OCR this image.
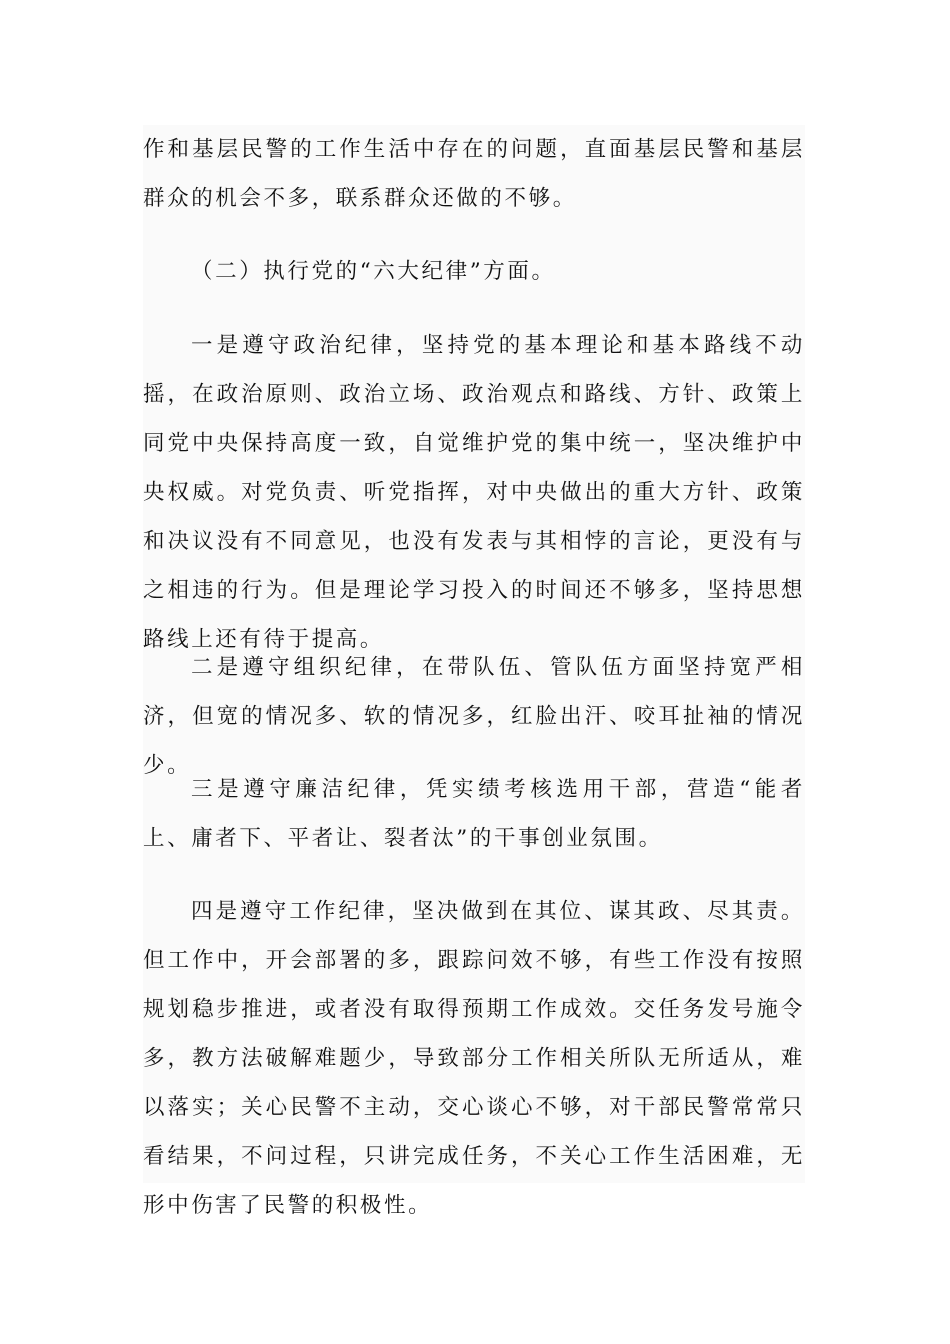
作和基层民警的工作生活中存在的问题，直面基层民警和基层群众的机会不多，联系群众还做的不够。

（二）执行党的“六大纪律”方面。

一是遵守政治纪律，坚持党的基本理论和基本路线不动摇，在政治原则、政治立场、政治观点和路线、方针、政策上同党中央保持高度一致，自觉维护党的集中统一，坚决维护中央权威。对党负责、听党指挥，对中央做出的重大方针、政策和决议没有不同意见，也没有发表与其相悖的言论，更没有与之相违的行为。但是理论学习投入的时间还不够多，坚持思想路线上还有待于提高。

二是遵守组织纪律，在带队伍、管队伍方面坚持宽严相济，但宽的情况多、软的情况多，红脸出汗、咬耳扯袖的情况少。

三是遵守廉洁纪律，凭实绩考核选用干部，营造“能者上、庸者下、平者让、裂者汰”的干事创业氛围。

四是遵守工作纪律，坚决做到在其位、谋其政、尽其责。但工作中，开会部署的多，跟踪问效不够，有些工作没有按照规划稳步推进，或者没有取得预期工作成效。交任务发号施令多，教方法破解难题少，导致部分工作相关所队无所适从，难以落实；关心民警不主动，交心谈心不够，对干部民警常常只看结果，不问过程，只讲完成任务，不关心工作生活困难，无形中伤害了民警的积极性。
